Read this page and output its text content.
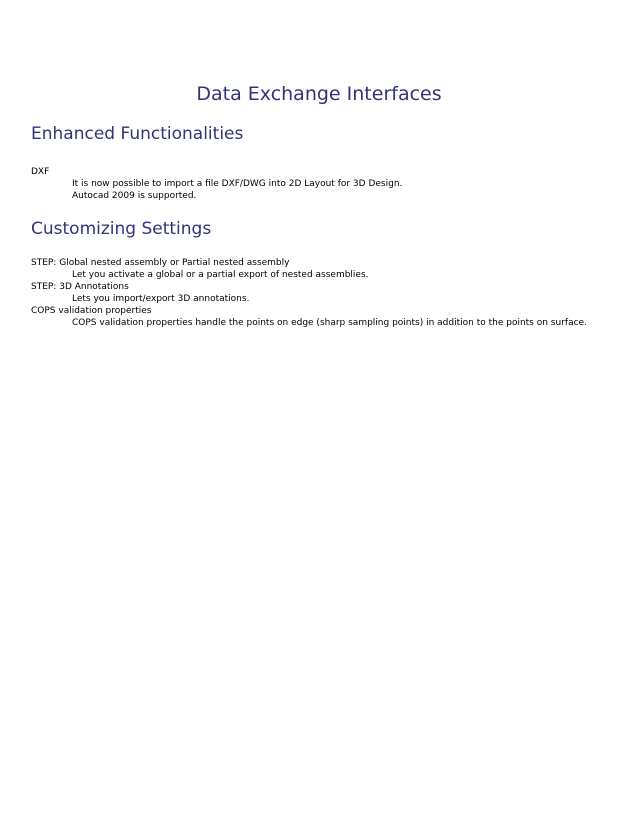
Data Exchange Interfaces
Enhanced Functionalities
DXF
It is now possible to import a file DXF/DWG into 2D Layout for 3D Design.
Autocad 2009 is supported.
Customizing Settings
STEP: Global nested assembly or Partial nested assembly
Let you activate a global or a partial export of nested assemblies.
STEP: 3D Annotations
Lets you import/export 3D annotations.
COPS validation properties
COPS validation properties handle the points on edge (sharp sampling points) in addition to the points on surface.
